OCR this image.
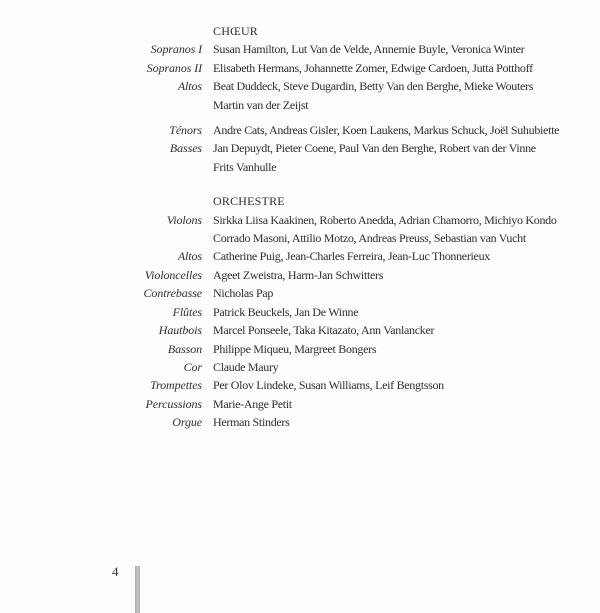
CHŒUR
Sopranos I Susan Hamilton, Lut Van de Velde, Annemie Buyle, Veronica Winter
Sopranos II Elisabeth Hermans, Johannette Zomer, Edwige Cardoen, Jutta Potthoff
Altos Beat Duddeck, Steve Dugardin, Betty Van den Berghe, Mieke Wouters
Martin van der Zeijst
Ténors Andre Cats, Andreas Gisler, Koen Laukens, Markus Schuck, Joël Suhubiette
Basses Jan Depuydt, Pieter Coene, Paul Van den Berghe, Robert van der Vinne
Frits Vanhulle
ORCHESTRE
Violons Sirkka Liisa Kaakinen, Roberto Anedda, Adrian Chamorro, Michiyo Kondo
Corrado Masoni, Attilio Motzo, Andreas Preuss, Sebastian van Vucht
Altos Catherine Puig, Jean-Charles Ferreira, Jean-Luc Thonnerieux
Violoncelles Ageet Zweistra, Harm-Jan Schwitters
Contrebasse Nicholas Pap
Flûtes Patrick Beuckels, Jan De Winne
Hautbois Marcel Ponseele, Taka Kitazato, Ann Vanlancker
Basson Philippe Miqueu, Margreet Bongers
Cor Claude Maury
Trompettes Per Olov Lindeke, Susan Williams, Leif Bengtsson
Percussions Marie-Ange Petit
Orgue Herman Stinders
4
